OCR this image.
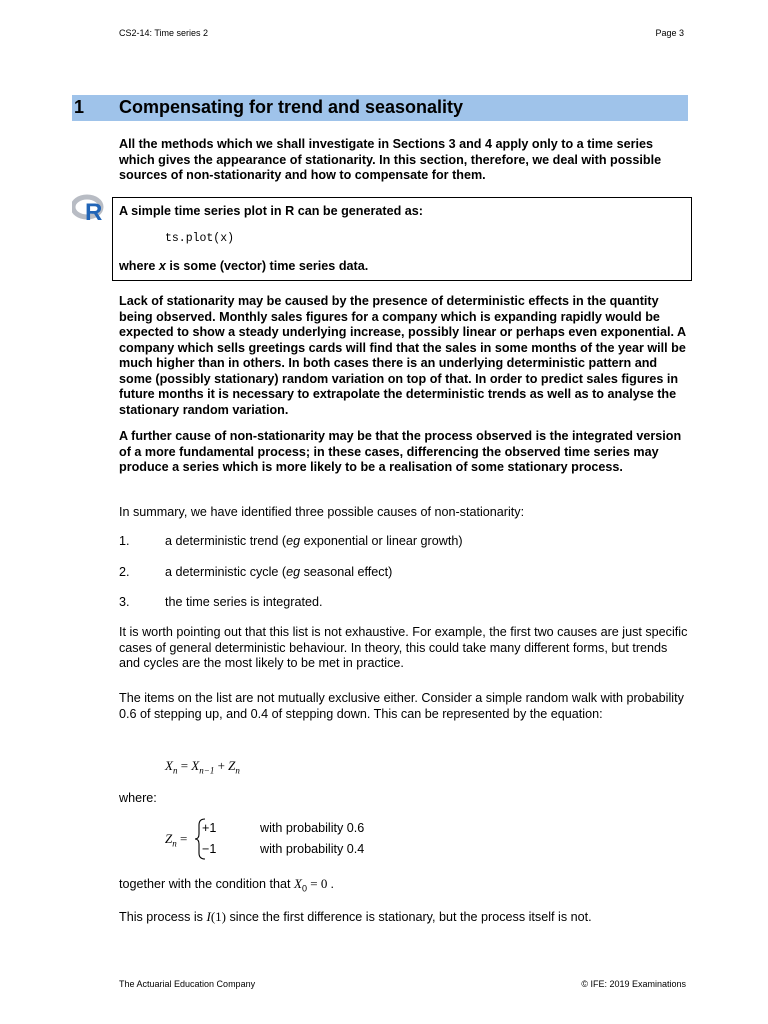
CS2-14: Time series 2	Page 3
1 Compensating for trend and seasonality
All the methods which we shall investigate in Sections 3 and 4 apply only to a time series which gives the appearance of stationarity. In this section, therefore, we deal with possible sources of non-stationarity and how to compensate for them.
R A simple time series plot in R can be generated as:
ts.plot(x)
where x is some (vector) time series data.
Lack of stationarity may be caused by the presence of deterministic effects in the quantity being observed. Monthly sales figures for a company which is expanding rapidly would be expected to show a steady underlying increase, possibly linear or perhaps even exponential. A company which sells greetings cards will find that the sales in some months of the year will be much higher than in others. In both cases there is an underlying deterministic pattern and some (possibly stationary) random variation on top of that. In order to predict sales figures in future months it is necessary to extrapolate the deterministic trends as well as to analyse the stationary random variation.
A further cause of non-stationarity may be that the process observed is the integrated version of a more fundamental process; in these cases, differencing the observed time series may produce a series which is more likely to be a realisation of some stationary process.
In summary, we have identified three possible causes of non-stationarity:
1.	a deterministic trend (eg exponential or linear growth)
2.	a deterministic cycle (eg seasonal effect)
3.	the time series is integrated.
It is worth pointing out that this list is not exhaustive. For example, the first two causes are just specific cases of general deterministic behaviour. In theory, this could take many different forms, but trends and cycles are the most likely to be met in practice.
The items on the list are not mutually exclusive either. Consider a simple random walk with probability 0.6 of stepping up, and 0.4 of stepping down. This can be represented by the equation:
$X_n = X_{n-1} + Z_n$
where:
$Z_n$ =
+1	with probability 0.6
−1	with probability 0.4
together with the condition that $X_0 = 0$ .
This process is I(1) since the first difference is stationary, but the process itself is not.
The Actuarial Education Company	© IFE: 2019 Examinations
